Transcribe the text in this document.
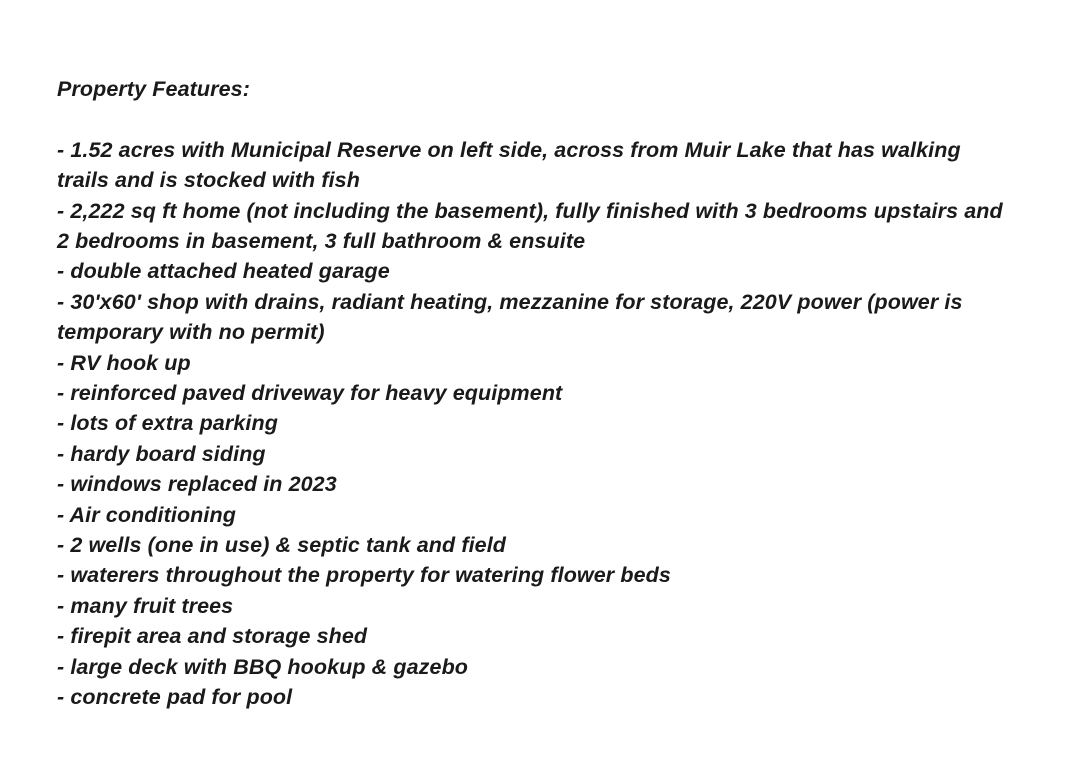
Property Features:

- 1.52 acres with Municipal Reserve on left side, across from Muir Lake that has walking trails and is stocked with fish
- 2,222 sq ft home (not including the basement), fully finished with 3 bedrooms upstairs and 2 bedrooms in basement, 3 full bathroom & ensuite
- double attached heated garage
- 30'x60' shop with drains, radiant heating, mezzanine for storage, 220V power (power is temporary with no permit)
- RV hook up
- reinforced paved driveway for heavy equipment
- lots of extra parking
- hardy board siding
- windows replaced in 2023
- Air conditioning
- 2 wells (one in use) & septic tank and field
- waterers throughout the property for watering flower beds
- many fruit trees
- firepit area and storage shed
- large deck with BBQ hookup & gazebo
- concrete pad for pool
